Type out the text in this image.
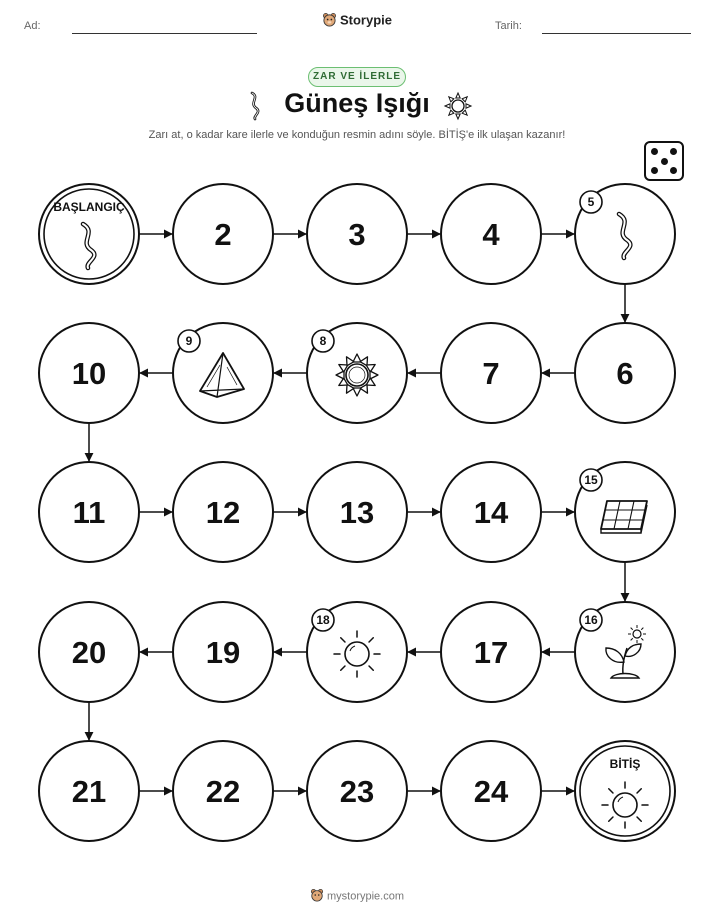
Ad:	Storypie	Tarih:
ZAR VE İLERLE
Güneş Işığı
Zarı at, o kadar kare ilerle ve konduğun resmin adını söyle. BİTİŞ'e ilk ulaşan kazanır!
BAŞLANGIÇ
2	3	4
5
6
7
8
9
10
11	12	13	14
15
16
17
18
19
20
21	22	23	24
BİTİŞ
mystorypie.com
